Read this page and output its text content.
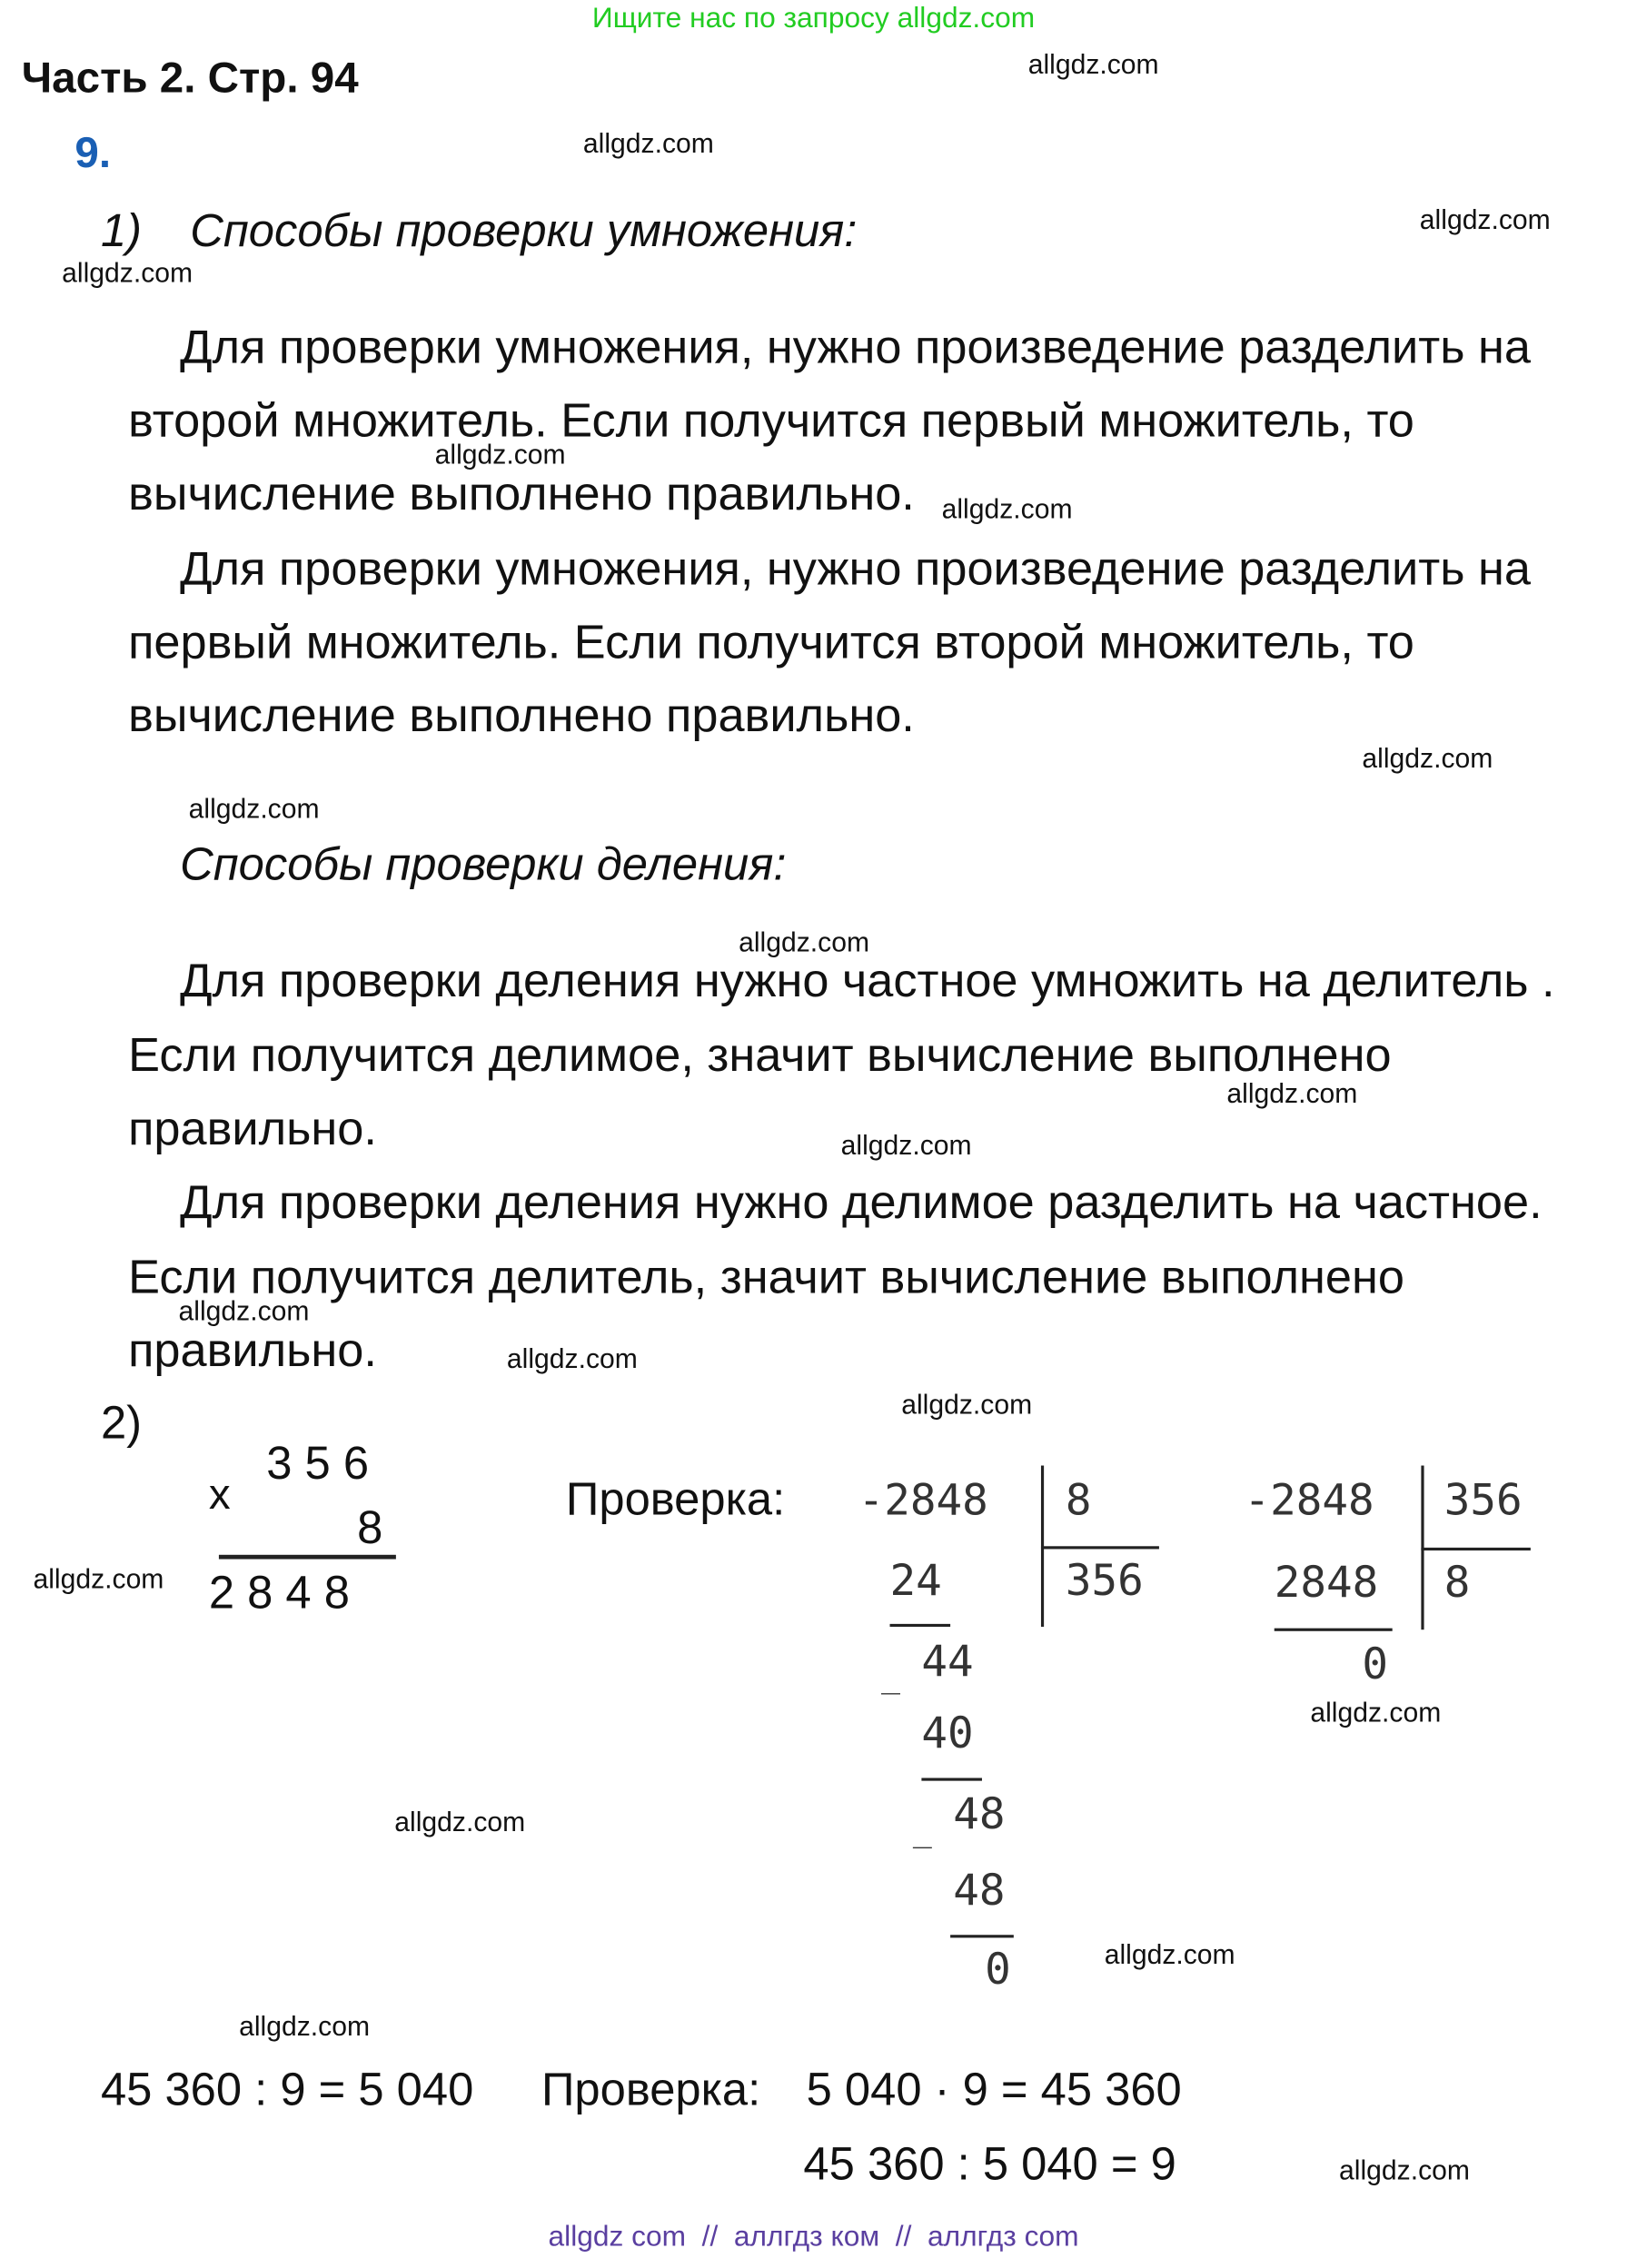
Ищите нас по запросу allgdz.com
Часть 2. Стр. 94
9.
1) Способы проверки умножения:
Для проверки умножения, нужно произведение разделить на
второй множитель. Если получится первый множитель, то
вычисление выполнено правильно.
Для проверки умножения, нужно произведение разделить на
первый множитель. Если получится второй множитель, то
вычисление выполнено правильно.
Способы проверки деления:
Для проверки деления нужно частное умножить на делитель .
Если получится делимое, значит вычисление выполнено
правильно.
Для проверки деления нужно делимое разделить на частное.
Если получится делитель, значит вычисление выполнено
правильно.
2)
3 5 6
x
8
2 8 4 8
Проверка:	-2848	8
356
24
_ 44
40
_ 48
48
0
-2848	356
2848 8
0
45 360 : 9 = 5 040 Проверка: 5 040 · 9 = 45 360
45 360 : 5 040 = 9
allgdz.com
allgdz.com
allgdz.com
allgdz.com
allgdz.com
allgdz.com
allgdz.com
allgdz.com
allgdz.com
allgdz.com
allgdz.com
allgdz.com
allgdz.com
allgdz.com
allgdz.com
allgdz.com
allgdz.com
allgdz.com
allgdz.com
allgdz.com
allgdz com  //  аллгдз ком  //  аллгдз com
